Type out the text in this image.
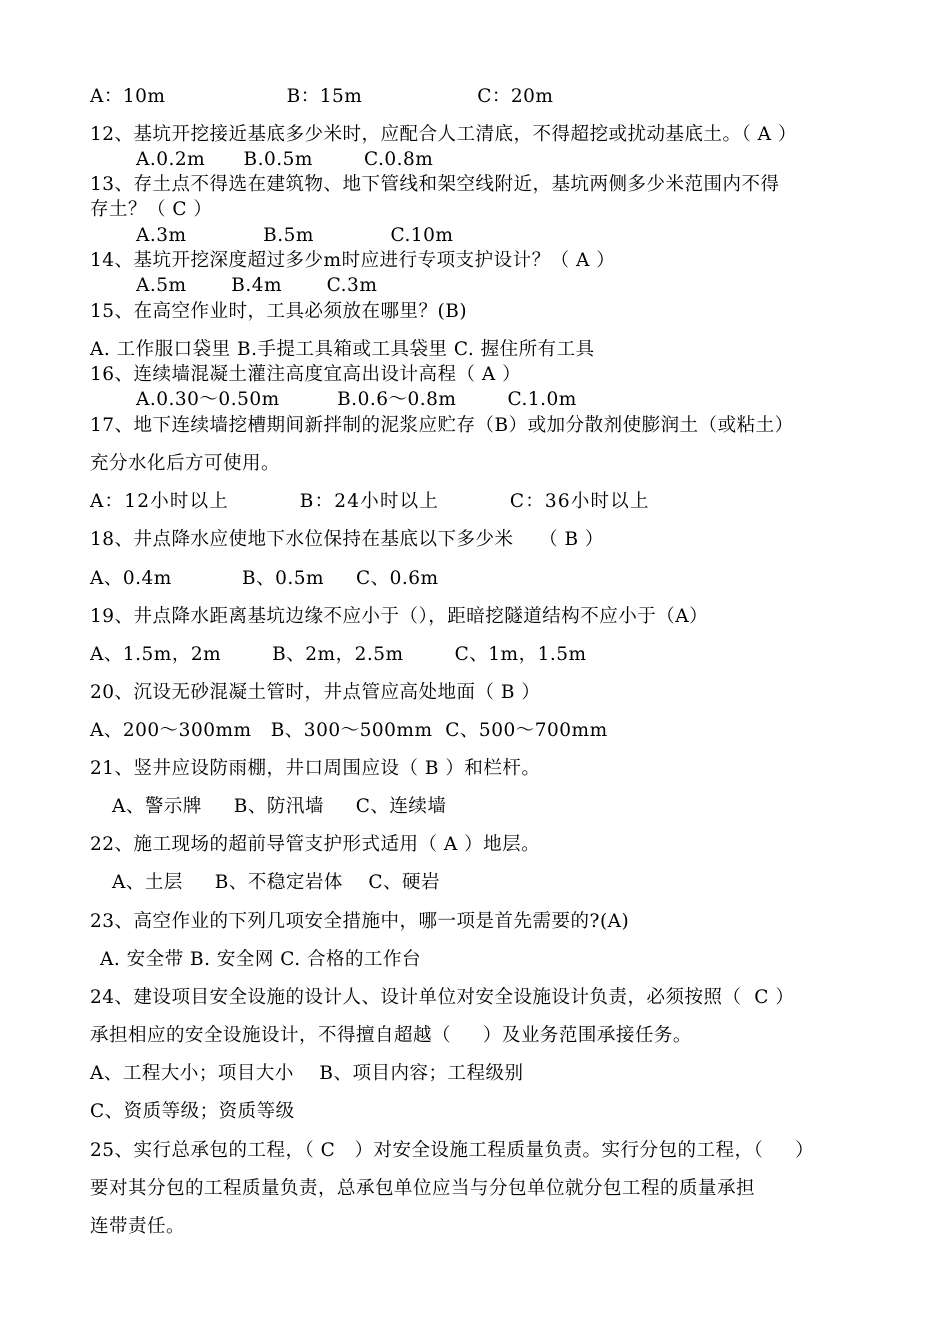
A：10m                   B：15m                  C：20m
12、基坑开挖接近基底多少米时，应配合人工清底，不得超挖或扰动基底土。（ A ）
A.0.2m      B.0.5m        C.0.8m
13、存土点不得选在建筑物、地下管线和架空线附近，基坑两侧多少米范围内不得
存土？（ C ）
A.3m            B.5m            C.10m
14、基坑开挖深度超过多少m时应进行专项支护设计？（ A ）
A.5m       B.4m       C.3m
15、在高空作业时，工具必须放在哪里？(B)
A. 工作服口袋里 B.手提工具箱或工具袋里 C. 握住所有工具
16、连续墙混凝土灌注高度宜高出设计高程（ A ）
A.0.30～0.50m         B.0.6～0.8m        C.1.0m
17、地下连续墙挖槽期间新拌制的泥浆应贮存（B）或加分散剂使膨润土（或粘土）
充分水化后方可使用。
A：12小时以上          B：24小时以上          C：36小时以上
18、井点降水应使地下水位保持在基底以下多少米    （ B ）
A、0.4m           B、0.5m     C、0.6m
19、井点降水距离基坑边缘不应小于（），距暗挖隧道结构不应小于（A）
A、1.5m，2m        B、2m，2.5m        C、1m，1.5m
20、沉设无砂混凝土管时，井点管应高处地面（ B ）
A、200～300mm   B、300～500mm  C、500～700mm
21、竖井应设防雨棚，井口周围应设（ B ）和栏杆。
A、警示牌     B、防汛墙     C、连续墙
22、施工现场的超前导管支护形式适用（ A ）地层。
A、土层     B、不稳定岩体    C、硬岩
23、高空作业的下列几项安全措施中，哪一项是首先需要的?(A)
A. 安全带 B. 安全网 C. 合格的工作台
24、建设项目安全设施的设计人、设计单位对安全设施设计负责，必须按照（  C ）
承担相应的安全设施设计，不得擅自超越（     ）及业务范围承接任务。
A、工程大小；项目大小    B、项目内容；工程级别
C、资质等级；资质等级
25、实行总承包的工程，（ C   ）对安全设施工程质量负责。实行分包的工程，（     ）
要对其分包的工程质量负责，总承包单位应当与分包单位就分包工程的质量承担
连带责任。
